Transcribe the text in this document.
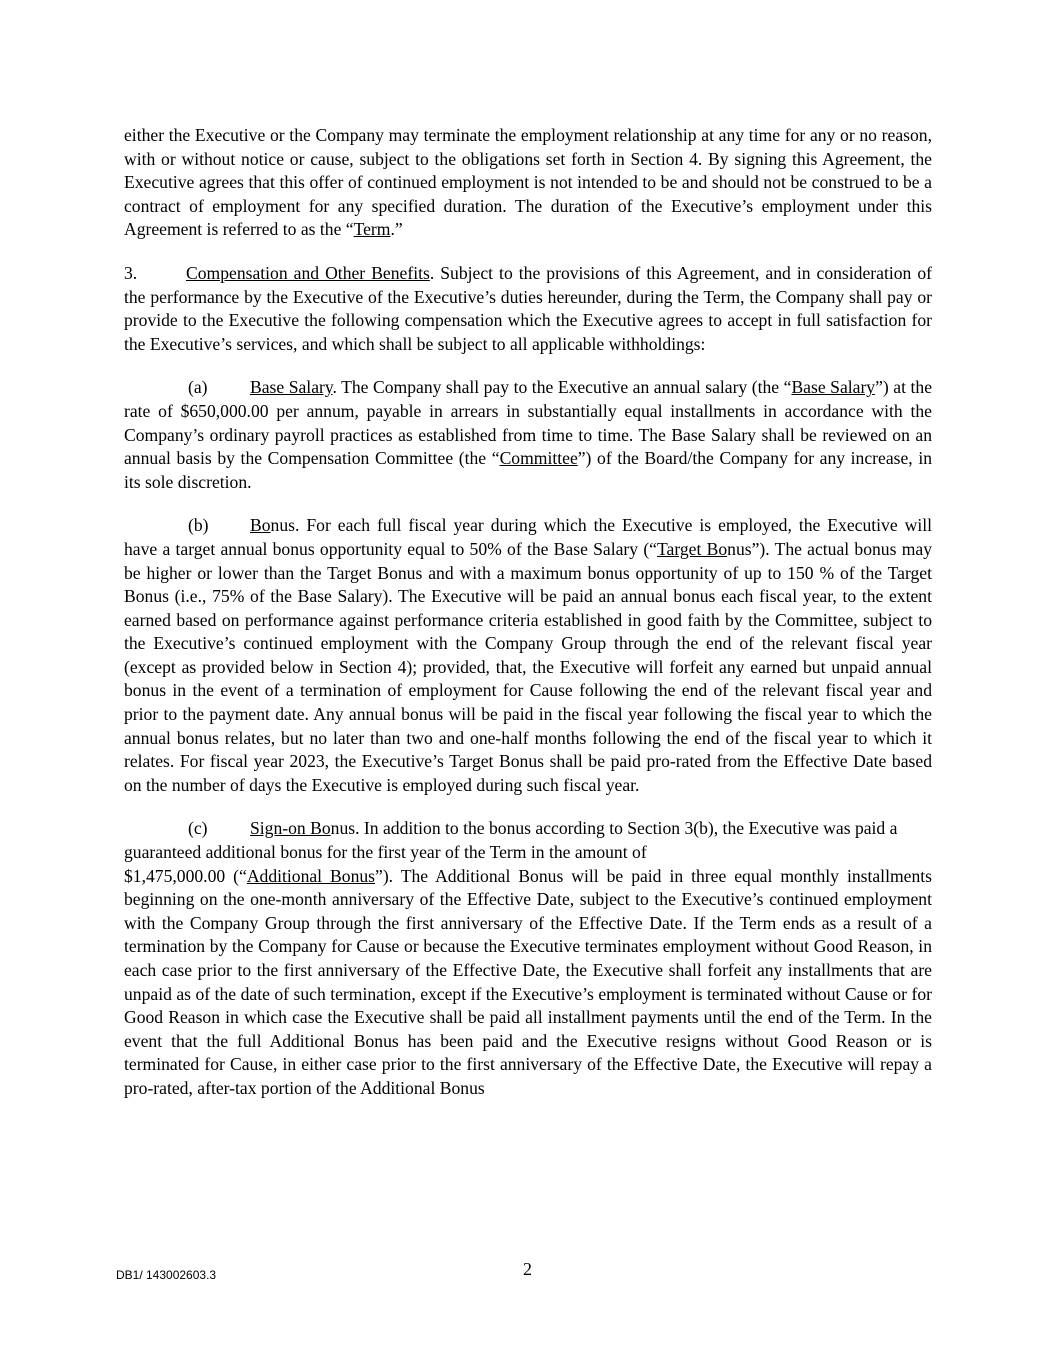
either the Executive or the Company may terminate the employment relationship at any time for any or no reason, with or without notice or cause, subject to the obligations set forth in Section 4. By signing this Agreement, the Executive agrees that this offer of continued employment is not intended to be and should not be construed to be a contract of employment for any specified duration. The duration of the Executive’s employment under this Agreement is referred to as the “Term.”

3.	Compensation and Other Benefits. Subject to the provisions of this Agreement, and in consideration of the performance by the Executive of the Executive’s duties hereunder, during the Term, the Company shall pay or provide to the Executive the following compensation which the Executive agrees to accept in full satisfaction for the Executive’s services, and which shall be subject to all applicable withholdings:

(a) Base Salary. The Company shall pay to the Executive an annual salary (the “Base Salary”) at the rate of $650,000.00 per annum, payable in arrears in substantially equal installments in accordance with the Company’s ordinary payroll practices as established from time to time. The Base Salary shall be reviewed on an annual basis by the Compensation Committee (the “Committee”) of the Board/the Company for any increase, in its sole discretion.

(b) Bonus. For each full fiscal year during which the Executive is employed, the Executive will have a target annual bonus opportunity equal to 50% of the Base Salary (“Target Bonus”). The actual bonus may be higher or lower than the Target Bonus and with a maximum bonus opportunity of up to 150 % of the Target Bonus (i.e., 75% of the Base Salary). The Executive will be paid an annual bonus each fiscal year, to the extent earned based on performance against performance criteria established in good faith by the Committee, subject to the Executive’s continued employment with the Company Group through the end of the relevant fiscal year (except as provided below in Section 4); provided, that, the Executive will forfeit any earned but unpaid annual bonus in the event of a termination of employment for Cause following the end of the relevant fiscal year and prior to the payment date. Any annual bonus will be paid in the fiscal year following the fiscal year to which the annual bonus relates, but no later than two and one-half months following the end of the fiscal year to which it relates. For fiscal year 2023, the Executive’s Target Bonus shall be paid pro-rated from the Effective Date based on the number of days the Executive is employed during such fiscal year.

(c) Sign-on Bonus. In addition to the bonus according to Section 3(b), the Executive was paid a guaranteed additional bonus for the first year of the Term in the amount of

$1,475,000.00 (“Additional Bonus”). The Additional Bonus will be paid in three equal monthly installments beginning on the one-month anniversary of the Effective Date, subject to the Executive’s continued employment with the Company Group through the first anniversary of the Effective Date. If the Term ends as a result of a termination by the Company for Cause or because the Executive terminates employment without Good Reason, in each case prior to the first anniversary of the Effective Date, the Executive shall forfeit any installments that are unpaid as of the date of such termination, except if the Executive’s employment is terminated without Cause or for Good Reason in which case the Executive shall be paid all installment payments until the end of the Term. In the event that the full Additional Bonus has been paid and the Executive resigns without Good Reason or is terminated for Cause, in either case prior to the first anniversary of the Effective Date, the Executive will repay a pro-rated, after-tax portion of the Additional Bonus

2
DB1/ 143002603.3
